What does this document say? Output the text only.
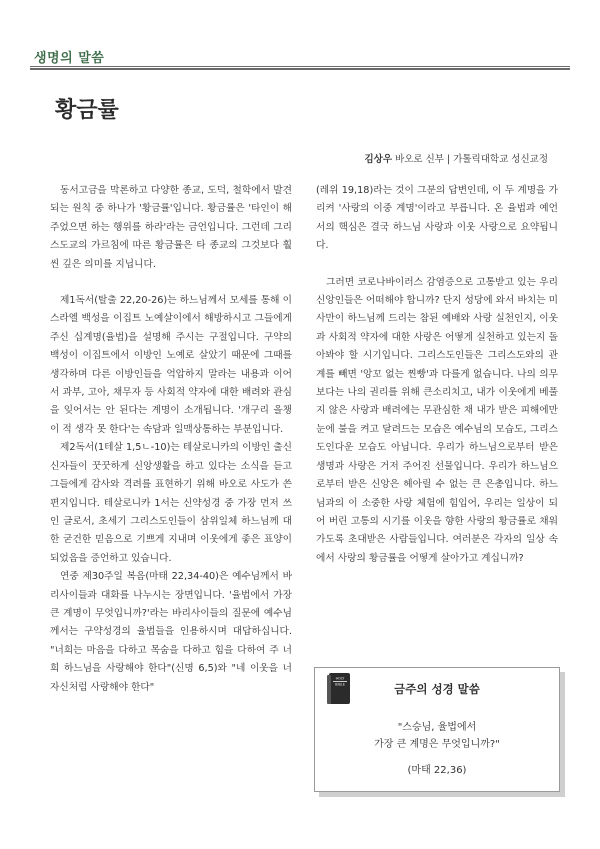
생명의 말씀
황금률
김상우 바오로 신부 | 가톨릭대학교 성신교정

동서고금을 막론하고 다양한 종교, 도덕, 철학에서 발견되는 원칙 중 하나가 '황금률'입니다. 황금률은 '타인이 해주었으면 하는 행위를 하라'라는 금언입니다. 그런데 그리스도교의 가르침에 따른 황금률은 타 종교의 그것보다 훨씬 깊은 의미를 지닙니다.

제1독서(탈출 22,20-26)는 하느님께서 모세를 통해 이스라엘 백성을 이집트 노예살이에서 해방하시고 그들에게 주신 십계명(율법)을 설명해 주시는 구절입니다. 구약의 백성이 이집트에서 이방인 노예로 살았기 때문에 그때를 생각하며 다른 이방인들을 억압하지 말라는 내용과 이어서 과부, 고아, 채무자 등 사회적 약자에 대한 배려와 관심을 잊어서는 안 된다는 계명이 소개됩니다. '개구리 올챙이 적 생각 못 한다'는 속담과 일맥상통하는 부분입니다.

제2독서(1테살 1,5ㄴ-10)는 테살로니카의 이방인 출신 신자들이 꿋꿋하게 신앙생활을 하고 있다는 소식을 듣고 그들에게 감사와 격려를 표현하기 위해 바오로 사도가 쓴 편지입니다. 테살로니카 1서는 신약성경 중 가장 먼저 쓰인 글로서, 초세기 그리스도인들이 삼위일체 하느님께 대한 굳건한 믿음으로 기쁘게 지내며 이웃에게 좋은 표양이 되었음을 증언하고 있습니다.

연중 제30주일 복음(마태 22,34-40)은 예수님께서 바리사이들과 대화를 나누시는 장면입니다. '율법에서 가장 큰 계명이 무엇입니까?'라는 바리사이들의 질문에 예수님께서는 구약성경의 율법들을 인용하시며 대답하십니다. "너희는 마음을 다하고 목숨을 다하고 힘을 다하여 주 너희 하느님을 사랑해야 한다"(신명 6,5)와 "네 이웃을 너 자신처럼 사랑해야 한다"

(레위 19,18)라는 것이 그분의 답변인데, 이 두 계명을 가리켜 '사랑의 이중 계명'이라고 부릅니다. 온 율법과 예언서의 핵심은 결국 하느님 사랑과 이웃 사랑으로 요약됩니다.

그러면 코로나바이러스 감염증으로 고통받고 있는 우리 신앙인들은 어떠해야 합니까? 단지 성당에 와서 바치는 미사만이 하느님께 드리는 참된 예배와 사랑 실천인지, 이웃과 사회적 약자에 대한 사랑은 어떻게 실천하고 있는지 돌아봐야 할 시기입니다. 그리스도인들은 그리스도와의 관계를 빼면 '앙꼬 없는 찐빵'과 다를게 없습니다. 나의 의무보다는 나의 권리를 위해 큰소리치고, 내가 이웃에게 베풀지 않은 사랑과 배려에는 무관심한 채 내가 받은 피해에만 눈에 불을 켜고 달려드는 모습은 예수님의 모습도, 그리스도인다운 모습도 아닙니다. 우리가 하느님으로부터 받은 생명과 사랑은 거저 주어진 선물입니다. 우리가 하느님으로부터 받은 신앙은 헤아릴 수 없는 큰 은총입니다. 하느님과의 이 소중한 사랑 체험에 힘입어, 우리는 일상이 되어 버린 고통의 시기를 이웃을 향한 사랑의 황금률로 채워가도록 초대받은 사람들입니다. 여러분은 각자의 일상 속에서 사랑의 황금률을 어떻게 살아가고 계십니까?

HOLY
BIBLE	금주의 성경 말씀
"스승님, 율법에서
가장 큰 계명은 무엇입니까?"
(마태 22,36)
